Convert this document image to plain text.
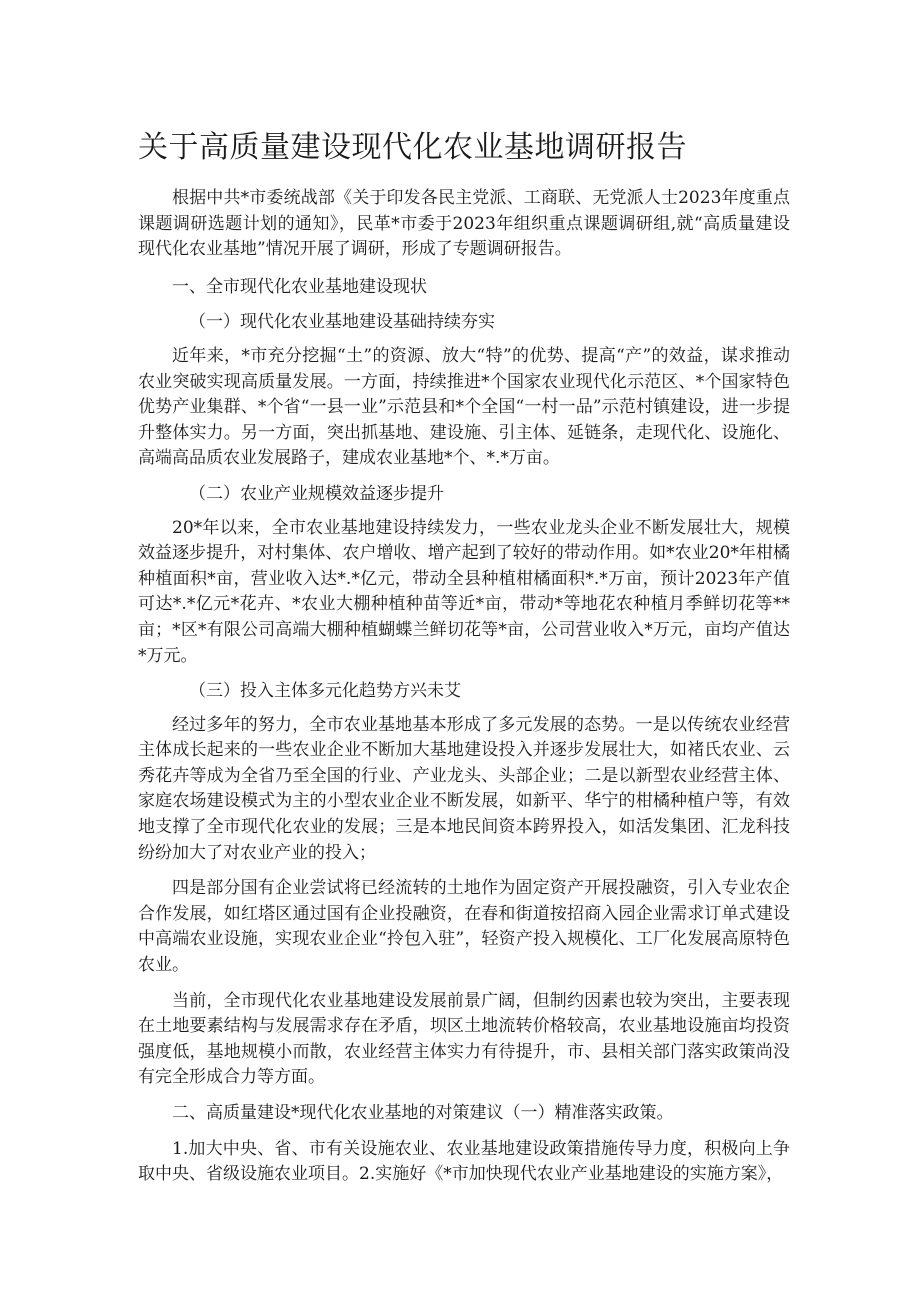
关于高质量建设现代化农业基地调研报告

根据中共*市委统战部《关于印发各民主党派、工商联、无党派人士2023年度重点课题调研选题计划的通知》，民革*市委于2023年组织重点课题调研组,就“高质量建设现代化农业基地”情况开展了调研，形成了专题调研报告。

一、全市现代化农业基地建设现状

（一）现代化农业基地建设基础持续夯实

近年来，*市充分挖掘“土”的资源、放大“特”的优势、提高“产”的效益，谋求推动农业突破实现高质量发展。一方面，持续推进*个国家农业现代化示范区、*个国家特色优势产业集群、*个省“一县一业”示范县和*个全国“一村一品”示范村镇建设，进一步提升整体实力。另一方面，突出抓基地、建设施、引主体、延链条，走现代化、设施化、高端高品质农业发展路子，建成农业基地*个、*.*万亩。

（二）农业产业规模效益逐步提升

20*年以来，全市农业基地建设持续发力，一些农业龙头企业不断发展壮大，规模效益逐步提升，对村集体、农户增收、增产起到了较好的带动作用。如*农业20*年柑橘种植面积*亩，营业收入达*.*亿元，带动全县种植柑橘面积*.*万亩，预计2023年产值可达*.*亿元*花卉、*农业大棚种植种苗等近*亩，带动*等地花农种植月季鲜切花等**亩；*区*有限公司高端大棚种植蝴蝶兰鲜切花等*亩，公司营业收入*万元，亩均产值达*万元。

（三）投入主体多元化趋势方兴未艾

经过多年的努力，全市农业基地基本形成了多元发展的态势。一是以传统农业经营主体成长起来的一些农业企业不断加大基地建设投入并逐步发展壮大，如褚氏农业、云秀花卉等成为全省乃至全国的行业、产业龙头、头部企业；二是以新型农业经营主体、家庭农场建设模式为主的小型农业企业不断发展，如新平、华宁的柑橘种植户等，有效地支撑了全市现代化农业的发展；三是本地民间资本跨界投入，如活发集团、汇龙科技纷纷加大了对农业产业的投入；

四是部分国有企业尝试将已经流转的土地作为固定资产开展投融资，引入专业农企合作发展，如红塔区通过国有企业投融资，在春和街道按招商入园企业需求订单式建设中高端农业设施，实现农业企业“拎包入驻”，轻资产投入规模化、工厂化发展高原特色农业。

当前，全市现代化农业基地建设发展前景广阔，但制约因素也较为突出，主要表现在土地要素结构与发展需求存在矛盾，坝区土地流转价格较高，农业基地设施亩均投资强度低，基地规模小而散，农业经营主体实力有待提升，市、县相关部门落实政策尚没有完全形成合力等方面。

二、高质量建设*现代化农业基地的对策建议（一）精准落实政策。

1.加大中央、省、市有关设施农业、农业基地建设政策措施传导力度，积极向上争取中央、省级设施农业项目。2.实施好《*市加快现代农业产业基地建设的实施方案》，
